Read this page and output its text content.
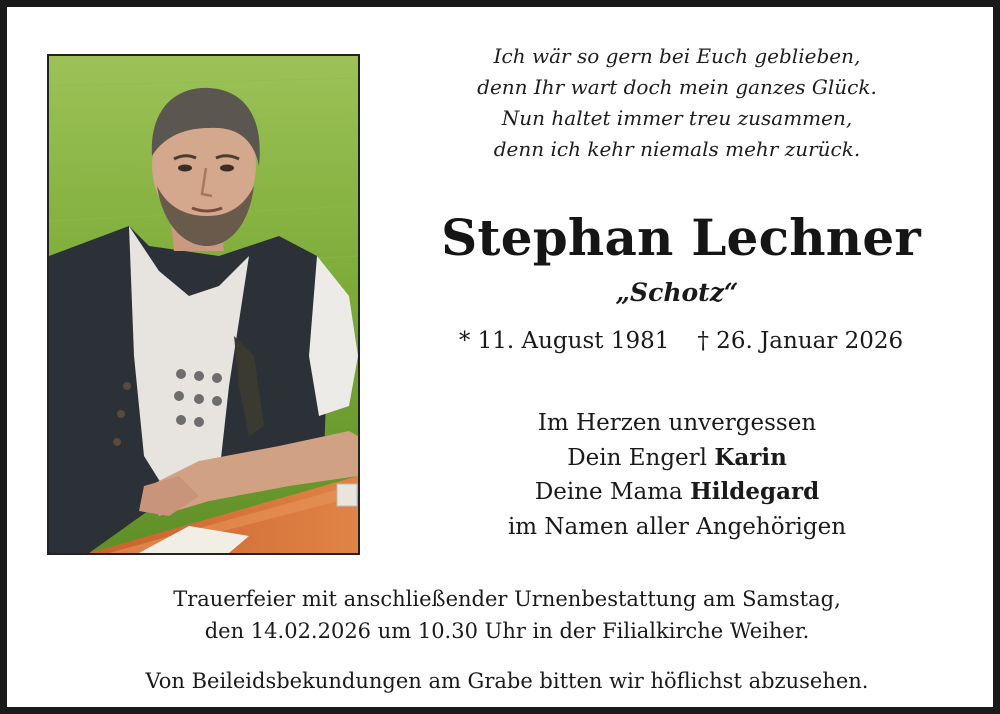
Ich wär so gern bei Euch geblieben,
denn Ihr wart doch mein ganzes Glück.
Nun haltet immer treu zusammen,
denn ich kehr niemals mehr zurück.
Stephan Lechner
„Schotz“
* 11. August 1981 † 26. Januar 2026
Im Herzen unvergessen
Dein Engerl Karin
Deine Mama Hildegard
im Namen aller Angehörigen
Trauerfeier mit anschließender Urnenbestattung am Samstag,
den 14.02.2026 um 10.30 Uhr in der Filialkirche Weiher.
Von Beileidsbekundungen am Grabe bitten wir höflichst abzusehen.
